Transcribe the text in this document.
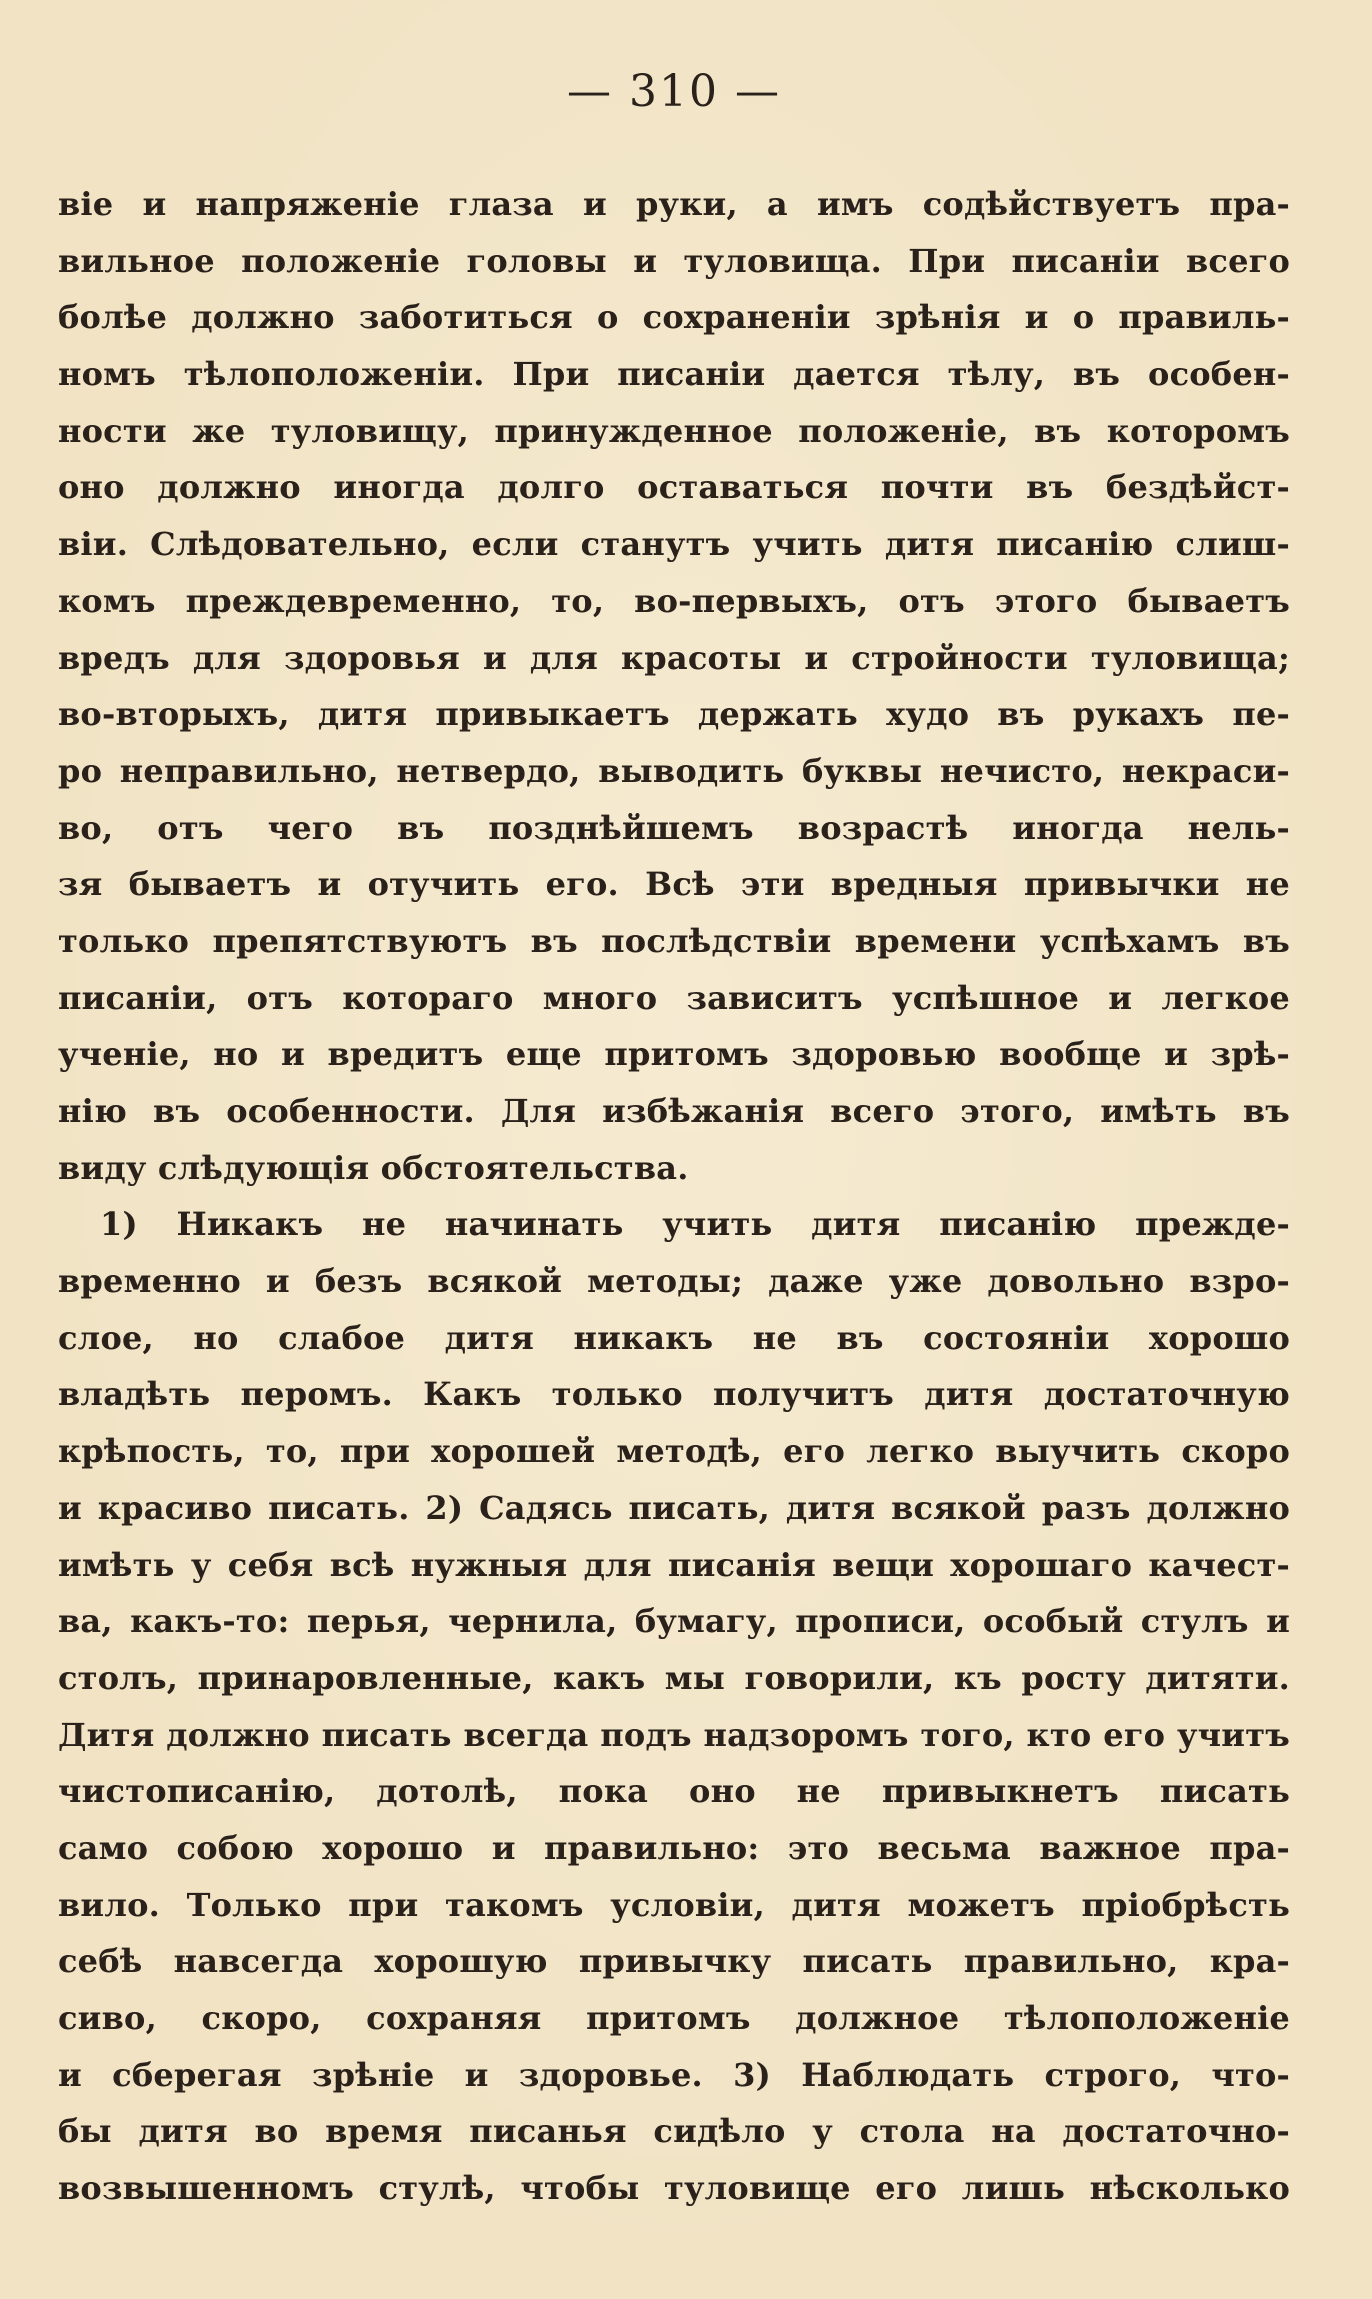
— 310 —
віе и напряженіе глаза и руки, а имъ содѣйствуетъ пра-
вильное положеніе головы и туловища. При писаніи всего
болѣе должно заботиться о сохраненіи зрѣнія и о правиль-
номъ тѣлоположеніи. При писаніи дается тѣлу, въ особен-
ности же туловищу, принужденное положеніе, въ которомъ
оно должно иногда долго оставаться почти въ бездѣйст-
віи. Слѣдовательно, если станутъ учить дитя писанію слиш-
комъ преждевременно, то, во-первыхъ, отъ этого бываетъ
вредъ для здоровья и для красоты и стройности туловища;
во-вторыхъ, дитя привыкаетъ держать худо въ рукахъ пе-
ро неправильно, нетвердо, выводить буквы нечисто, некраси-
во, отъ чего въ позднѣйшемъ возрастѣ иногда нель-
зя бываетъ и отучить его. Всѣ эти вредныя привычки не
только препятствуютъ въ послѣдствіи времени успѣхамъ въ
писаніи, отъ котораго много зависитъ успѣшное и легкое
ученіе, но и вредитъ еще притомъ здоровью вообще и зрѣ-
нію въ особенности. Для избѣжанія всего этого, имѣть въ
виду слѣдующія обстоятельства.
1) Никакъ не начинать учить дитя писанію прежде-
временно и безъ всякой методы; даже уже довольно взро-
слое, но слабое дитя никакъ не въ состояніи хорошо
владѣть перомъ. Какъ только получитъ дитя достаточную
крѣпость, то, при хорошей методѣ, его легко выучить скоро
и красиво писать. 2) Садясь писать, дитя всякой разъ должно
имѣть у себя всѣ нужныя для писанія вещи хорошаго качест-
ва, какъ-то: перья, чернила, бумагу, прописи, особый стулъ и
столъ, принаровленные, какъ мы говорили, къ росту дитяти.
Дитя должно писать всегда подъ надзоромъ того, кто его учитъ
чистописанію, дотолѣ, пока оно не привыкнетъ писать
само собою хорошо и правильно: это весьма важное пра-
вило. Только при такомъ условіи, дитя можетъ пріобрѣсть
себѣ навсегда хорошую привычку писать правильно, кра-
сиво, скоро, сохраняя притомъ должное тѣлоположеніе
и сберегая зрѣніе и здоровье. 3) Наблюдать строго, что-
бы дитя во время писанья сидѣло у стола на достаточно-
возвышенномъ стулѣ, чтобы туловище его лишь нѣсколько
